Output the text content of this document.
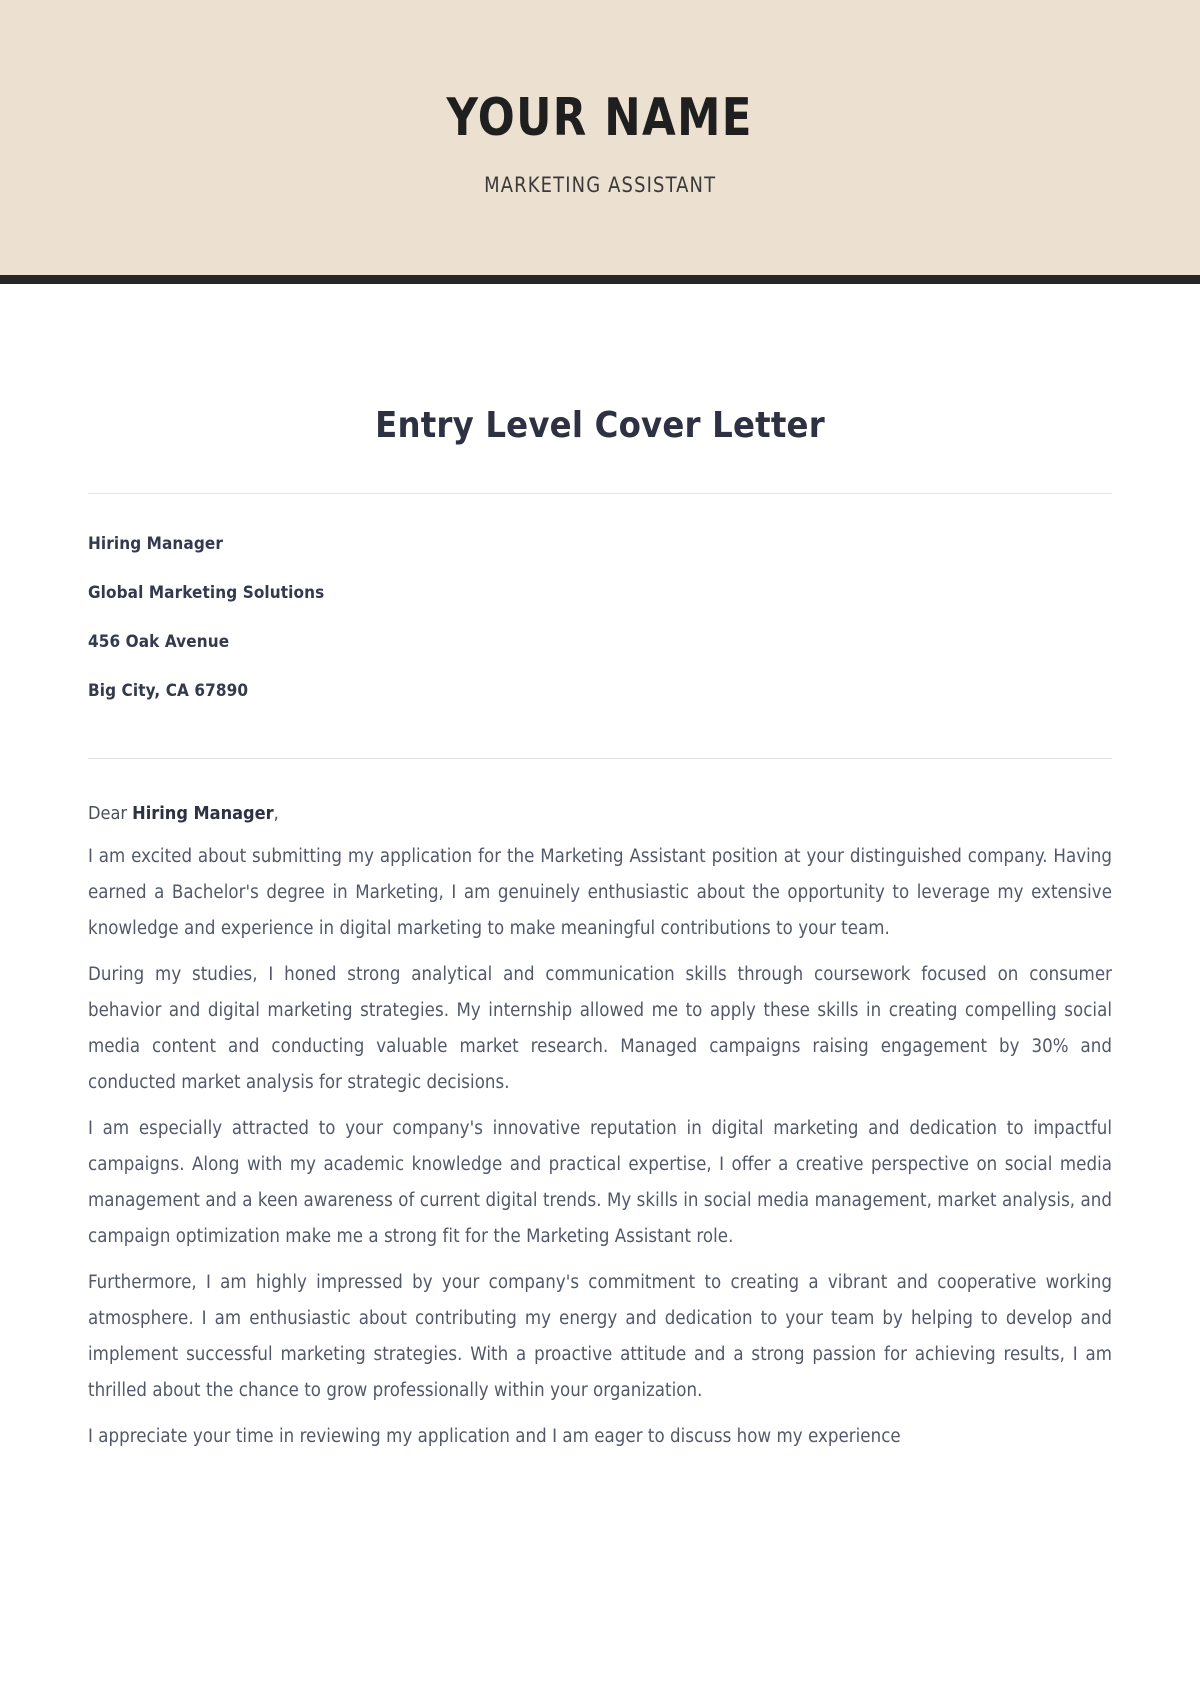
YOUR NAME
MARKETING ASSISTANT
Entry Level Cover Letter
Hiring Manager
Global Marketing Solutions
456 Oak Avenue
Big City, CA 67890
Dear Hiring Manager,

I am excited about submitting my application for the Marketing Assistant position at your distinguished company. Having earned a Bachelor's degree in Marketing, I am genuinely enthusiastic about the opportunity to leverage my extensive knowledge and experience in digital marketing to make meaningful contributions to your team.

During my studies, I honed strong analytical and communication skills through coursework focused on consumer behavior and digital marketing strategies. My internship allowed me to apply these skills in creating compelling social media content and conducting valuable market research. Managed campaigns raising engagement by 30% and conducted market analysis for strategic decisions.

I am especially attracted to your company's innovative reputation in digital marketing and dedication to impactful campaigns. Along with my academic knowledge and practical expertise, I offer a creative perspective on social media management and a keen awareness of current digital trends. My skills in social media management, market analysis, and campaign optimization make me a strong fit for the Marketing Assistant role.

Furthermore, I am highly impressed by your company's commitment to creating a vibrant and cooperative working atmosphere. I am enthusiastic about contributing my energy and dedication to your team by helping to develop and implement successful marketing strategies. With a proactive attitude and a strong passion for achieving results, I am thrilled about the chance to grow professionally within your organization.

I appreciate your time in reviewing my application and I am eager to discuss how my experience
